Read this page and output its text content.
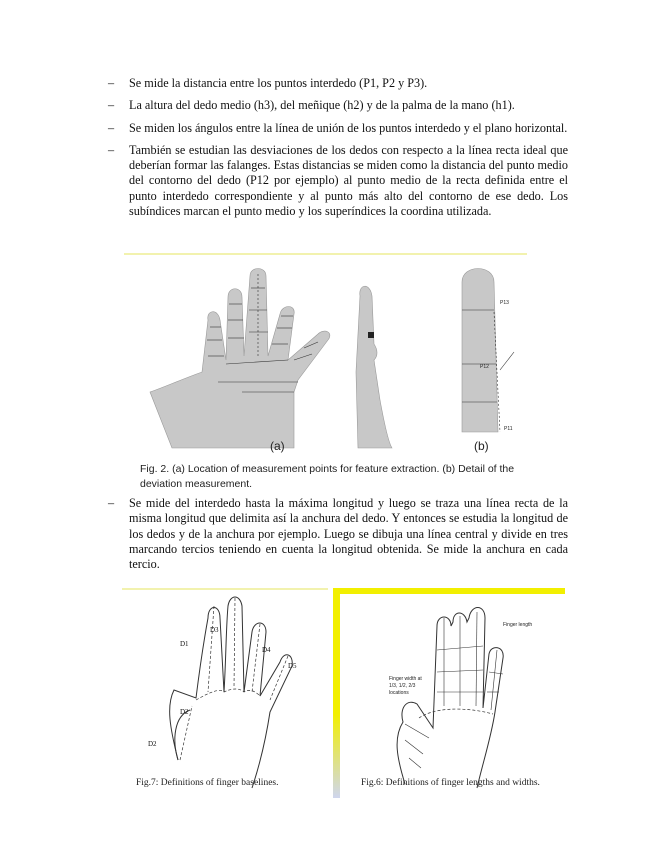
– Se mide la distancia entre los puntos interdedo (P1, P2 y P3).
– La altura del dedo medio (h3), del meñique (h2) y de la palma de la mano (h1).
– Se miden los ángulos entre la línea de unión de los puntos interdedo y el plano horizontal.
– También se estudian las desviaciones de los dedos con respecto a la línea recta ideal que deberían formar las falanges. Estas distancias se miden como la distancia del punto medio del contorno del dedo (P12 por ejemplo) al punto medio de la recta definida entre el punto interdedo correspondiente y al punto más alto del contorno de ese dedo. Los subíndices marcan el punto medio y los superíndices la coordina utilizada.
P13
P12
P11
(a)	(b)
Fig. 2. (a) Location of measurement points for feature extraction. (b) Detail of the
deviation measurement.
– Se mide del interdedo hasta la máxima longitud y luego se traza una línea recta de la misma longitud que delimita así la anchura del dedo. Y entonces se estudia la longitud de los dedos y de la anchura por ejemplo. Luego se dibuja una línea central y divide en tres marcando tercios teniendo en cuenta la longitud obtenida. Se mide la anchura en cada tercio.
D1
D2
D3
D4
D5
D2
Fig.7: Definitions of finger baselines.
Finger length
Finger width at
1/3, 1/2, 2/3
locations
Fig.6: Definitions of finger lengths and widths.
